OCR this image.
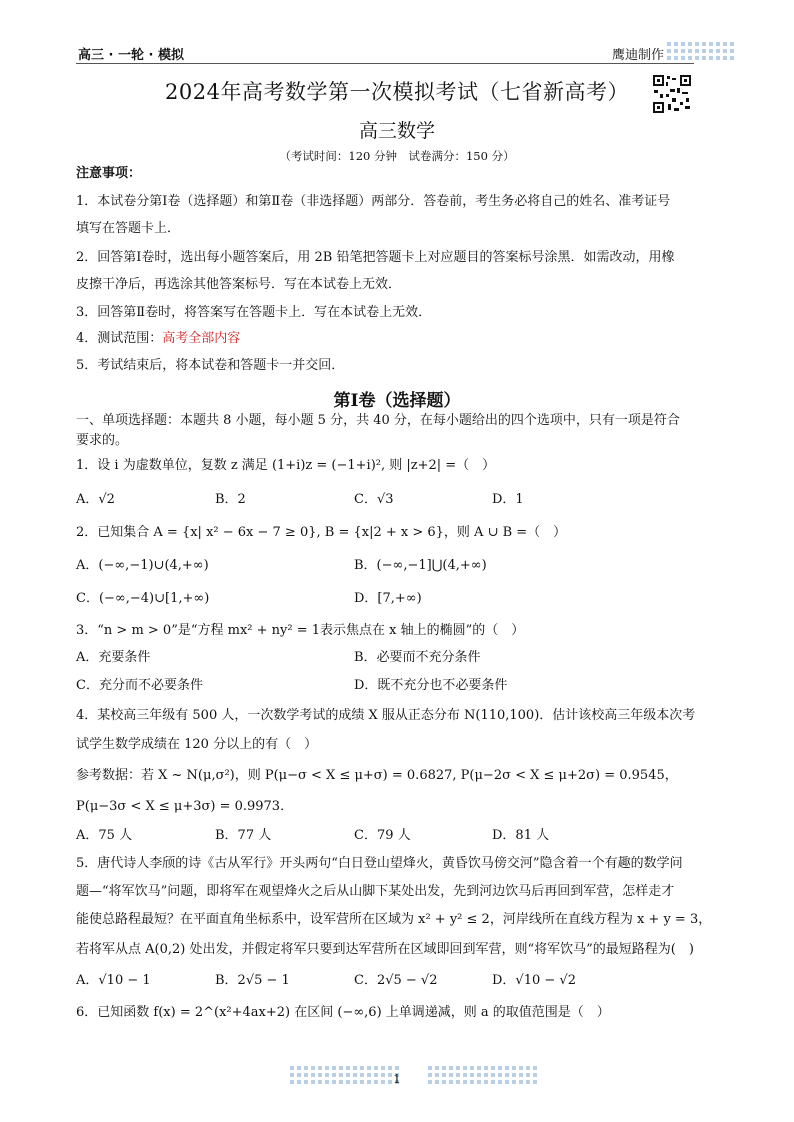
高三 · 一轮 · 模拟	鹰迪制作
2024年高考数学第一次模拟考试（七省新高考）
高三数学
（考试时间：120 分钟　试卷满分：150 分）
注意事项：
1．本试卷分第Ⅰ卷（选择题）和第Ⅱ卷（非选择题）两部分．答卷前，考生务必将自己的姓名、准考证号
填写在答题卡上．
2．回答第Ⅰ卷时，选出每小题答案后，用 2B 铅笔把答题卡上对应题目的答案标号涂黑．如需改动，用橡
皮擦干净后，再选涂其他答案标号．写在本试卷上无效．
3．回答第Ⅱ卷时，将答案写在答题卡上．写在本试卷上无效．
4．测试范围：高考全部内容
5．考试结束后，将本试卷和答题卡一并交回．
第Ⅰ卷（选择题）
一、单项选择题：本题共 8 小题，每小题 5 分，共 40 分，在每小题给出的四个选项中，只有一项是符合
要求的。
1．设 i 为虚数单位，复数 z 满足 (1+i)z = (−1+i)², 则 |z+2| =（　）
A．√2	B．2	C．√3	D．1
2．已知集合 A = {x| x² − 6x − 7 ≥ 0}, B = {x|2 + x > 6}，则 A ∪ B =（　）
A．(−∞,−1)∪(4,+∞)	B．(−∞,−1]⋃(4,+∞)
C．(−∞,−4)∪[1,+∞)	D．[7,+∞)
3．“n > m > 0”是“方程 mx² + ny² = 1表示焦点在 x 轴上的椭圆”的（　）
A．充要条件	B．必要而不充分条件
C．充分而不必要条件	D．既不充分也不必要条件
4．某校高三年级有 500 人，一次数学考试的成绩 X 服从正态分布 N(110,100)．估计该校高三年级本次考
试学生数学成绩在 120 分以上的有（　）
参考数据：若 X ~ N(μ,σ²)，则 P(μ−σ < X ≤ μ+σ) = 0.6827, P(μ−2σ < X ≤ μ+2σ) = 0.9545，
P(μ−3σ < X ≤ μ+3σ) = 0.9973．
A．75 人	B．77 人	C．79 人	D．81 人
5．唐代诗人李颀的诗《古从军行》开头两句“白日登山望烽火，黄昏饮马傍交河”隐含着一个有趣的数学问
题—“将军饮马”问题，即将军在观望烽火之后从山脚下某处出发，先到河边饮马后再回到军营，怎样走才
能使总路程最短？在平面直角坐标系中，设军营所在区域为 x² + y² ≤ 2，河岸线所在直线方程为 x + y = 3，
若将军从点 A(0,2) 处出发，并假定将军只要到达军营所在区域即回到军营，则“将军饮马”的最短路程为(　)
A．√10 − 1	B．2√5 − 1	C．2√5 − √2	D．√10 − √2
6．已知函数 f(x) = 2^(x²+4ax+2) 在区间 (−∞,6) 上单调递减，则 a 的取值范围是（　）
1
